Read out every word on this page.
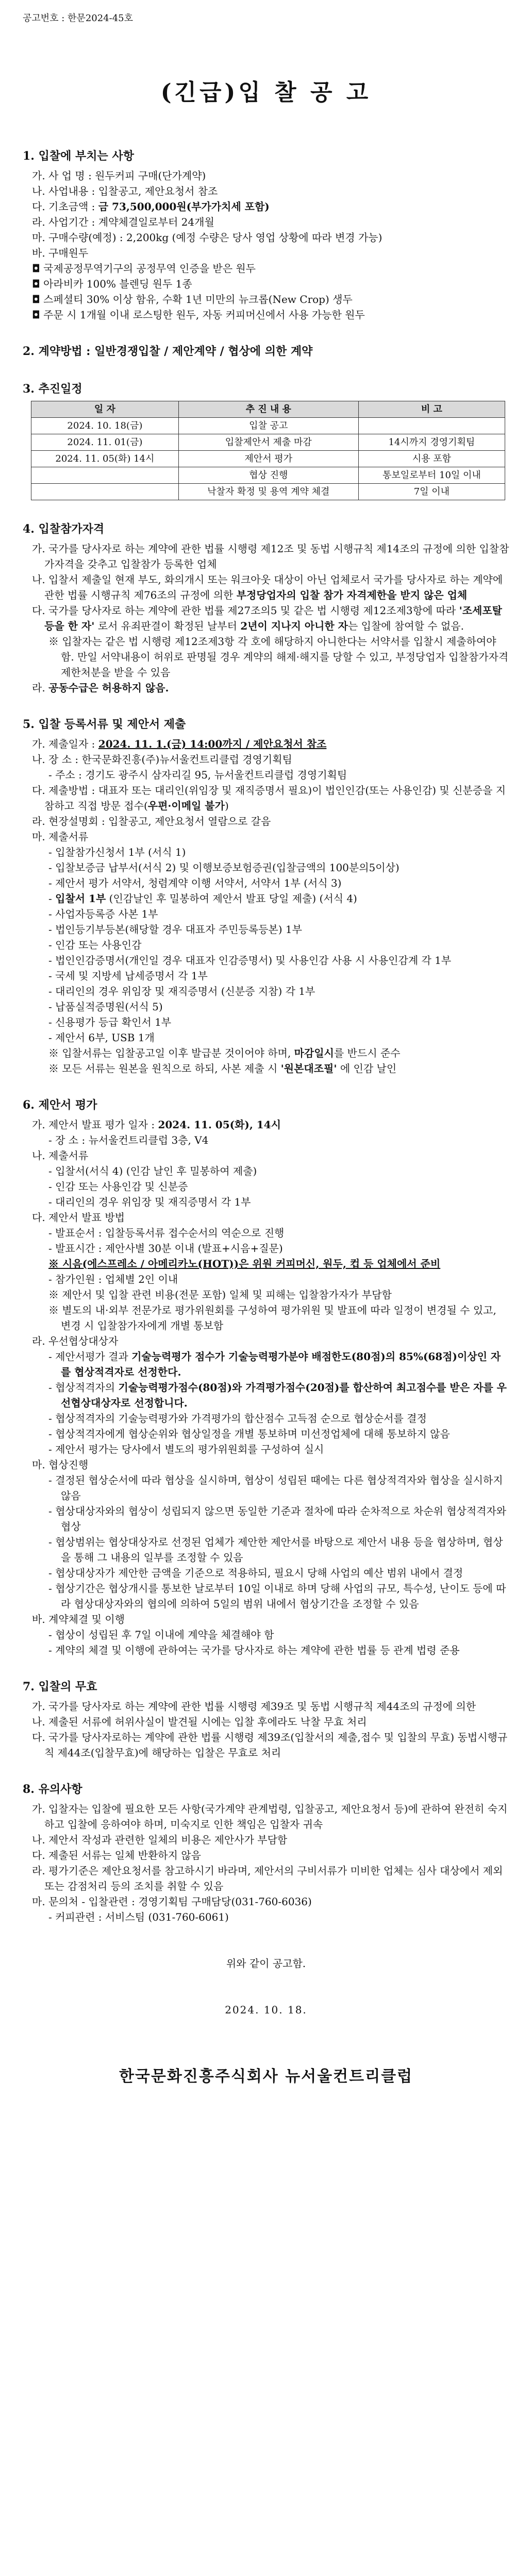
공고번호 : 한문2024-45호
(긴급)입 찰 공 고
1. 입찰에 부치는 사항
가. 사 업 명 : 원두커피 구매(단가계약)
나. 사업내용 : 입찰공고, 제안요청서 참조
다. 기초금액 : 금 73,500,000원(부가가치세 포함)
라. 사업기간 : 계약체결일로부터 24개월
마. 구매수량(예정) : 2,200kg (예정 수량은 당사 영업 상황에 따라 변경 가능)
바. 구매원두
◘ 국제공정무역기구의 공정무역 인증을 받은 원두
◘ 아라비카 100% 블렌딩 원두 1종
◘ 스페셜티 30% 이상 함유, 수확 1년 미만의 뉴크롭(New Crop) 생두
◘ 주문 시 1개월 이내 로스팅한 원두, 자동 커피머신에서 사용 가능한 원두
2. 계약방법 : 일반경쟁입찰 / 제안계약 / 협상에 의한 계약
3. 추진일정
일 자	추 진 내 용	비 고
2024. 10. 18(금)	입찰 공고	
2024. 11. 01(금)	입찰제안서 제출 마감	14시까지 경영기획팀
2024. 11. 05(화) 14시	제안서 평가	시용 포함
	협상 진행	통보일로부터 10일 이내
	낙찰자 확정 및 용역 계약 체결	7일 이내
4. 입찰참가자격
가. 국가를 당사자로 하는 계약에 관한 법률 시행령 제12조 및 동법 시행규칙 제14조의 규정에 의한 입찰참가자격을 갖추고 입찰참가 등록한 업체
나. 입찰서 제출일 현재 부도, 화의개시 또는 워크아웃 대상이 아닌 업체로서 국가를 당사자로 하는 계약에 관한 법률 시행규칙 제76조의 규정에 의한 부정당업자의 입찰 참가 자격제한을 받지 않은 업체
다. 국가를 당사자로 하는 계약에 관한 법률 제27조의5 및 같은 법 시행령 제12조제3항에 따라 '조세포탈 등을 한 자' 로서 유죄판결이 확정된 날부터 2년이 지나지 아니한 자는 입찰에 참여할 수 없음.
※ 입찰자는 같은 법 시행령 제12조제3항 각 호에 해당하지 아니한다는 서약서를 입찰시 제출하여야 함. 만일 서약내용이 허위로 판명될 경우 계약의 해제·해지를 당할 수 있고, 부정당업자 입찰참가자격제한처분을 받을 수 있음
라. 공동수급은 허용하지 않음.
5. 입찰 등록서류 및 제안서 제출
가. 제출일자 : 2024. 11. 1.(금) 14:00까지 / 제안요청서 참조
나. 장 소 : 한국문화진흥(주)뉴서울컨트리클럽 경영기획팀
- 주소 : 경기도 광주시 삼자리길 95, 뉴서울컨트리클럽 경영기획팀
다. 제출방법 : 대표자 또는 대리인(위임장 및 재직증명서 필요)이 법인인감(또는 사용인감) 및 신분증을 지참하고 직접 방문 접수(우편·이메일 불가)
라. 현장설명회 : 입찰공고, 제안요청서 열람으로 갈음
마. 제출서류
- 입찰참가신청서 1부 (서식 1)
- 입찰보증금 납부서(서식 2) 및 이행보증보험증권(입찰금액의 100분의5이상)
- 제안서 평가 서약서, 청렴계약 이행 서약서, 서약서 1부 (서식 3)
- 입찰서 1부 (인감날인 후 밀봉하여 제안서 발표 당일 제출) (서식 4)
- 사업자등록증 사본 1부
- 법인등기부등본(해당할 경우 대표자 주민등록등본) 1부
- 인감 또는 사용인감
- 법인인감증명서(개인일 경우 대표자 인감증명서) 및 사용인감 사용 시 사용인감계 각 1부
- 국세 및 지방세 납세증명서 각 1부
- 대리인의 경우 위임장 및 재직증명서 (신분증 지참) 각 1부
- 납품실적증명원(서식 5)
- 신용평가 등급 확인서 1부
- 제안서 6부, USB 1개
※ 입찰서류는 입찰공고일 이후 발급분 것이어야 하며, 마감일시를 반드시 준수
※ 모든 서류는 원본을 원칙으로 하되, 사본 제출 시 '원본대조필' 에 인감 날인
6. 제안서 평가
가. 제안서 발표 평가 일자 : 2024. 11. 05(화), 14시
- 장 소 : 뉴서울컨트리클럽 3층, V4
나. 제출서류
- 입찰서(서식 4) (인감 날인 후 밀봉하여 제출)
- 인감 또는 사용인감 및 신분증
- 대리인의 경우 위임장 및 재직증명서 각 1부
다. 제안서 발표 방법
- 발표순서 : 입찰등록서류 접수순서의 역순으로 진행
- 발표시간 : 제안사별 30분 이내 (발표+시음+질문)
※ 시음(에스프레소 / 아메리카노(HOT))은 위원 커피머신, 원두, 컵 등 업체에서 준비
- 참가인원 : 업체별 2인 이내
※ 제안서 및 입찰 관련 비용(전문 포함) 일체 및 피해는 입찰참가자가 부담함
※ 별도의 내·외부 전문가로 평가위원회를 구성하여 평가위원 및 발표에 따라 일정이 변경될 수 있고, 변경 시 입찰참가자에게 개별 통보함
라. 우선협상대상자
- 제안서평가 결과 기술능력평가 점수가 기술능력평가분야 배점한도(80점)의 85%(68점)이상인 자를 협상적격자로 선정한다.
- 협상적격자의 기술능력평가점수(80점)와 가격평가점수(20점)를 합산하여 최고점수를 받은 자를 우선협상대상자로 선정합니다.
- 협상적격자의 기술능력평가와 가격평가의 합산점수 고득점 순으로 협상순서를 결정
- 협상적격자에게 협상순위와 협상일정을 개별 통보하며 미선정업체에 대해 통보하지 않음
- 제안서 평가는 당사에서 별도의 평가위원회를 구성하여 실시
마. 협상진행
- 결정된 협상순서에 따라 협상을 실시하며, 협상이 성립된 때에는 다른 협상적격자와 협상을 실시하지 않음
- 협상대상자와의 협상이 성립되지 않으면 동일한 기준과 절차에 따라 순차적으로 차순위 협상적격자와 협상
- 협상범위는 협상대상자로 선정된 업체가 제안한 제안서를 바탕으로 제안서 내용 등을 협상하며, 협상을 통해 그 내용의 일부를 조정할 수 있음
- 협상대상자가 제안한 금액을 기준으로 적용하되, 필요시 당해 사업의 예산 범위 내에서 결정
- 협상기간은 협상개시를 통보한 날로부터 10일 이내로 하며 당해 사업의 규모, 특수성, 난이도 등에 따라 협상대상자와의 협의에 의하여 5일의 범위 내에서 협상기간을 조정할 수 있음
바. 계약체결 및 이행
- 협상이 성립된 후 7일 이내에 계약을 체결해야 함
- 계약의 체결 및 이행에 관하여는 국가를 당사자로 하는 계약에 관한 법률 등 관계 법령 준용
7. 입찰의 무효
가. 국가를 당사자로 하는 계약에 관한 법률 시행령 제39조 및 동법 시행규칙 제44조의 규정에 의한
나. 제출된 서류에 허위사실이 발견될 시에는 입찰 후에라도 낙찰 무효 처리
다. 국가를 당사자로하는 계약에 관한 법률 시행령 제39조(입찰서의 제출,접수 및 입찰의 무효) 동법시행규칙 제44조(입찰무효)에 해당하는 입찰은 무효로 처리
8. 유의사항
가. 입찰자는 입찰에 필요한 모든 사항(국가계약 관계법령, 입찰공고, 제안요청서 등)에 관하여 완전히 숙지하고 입찰에 응하여야 하며, 미숙지로 인한 책임은 입찰자 귀속
나. 제안서 작성과 관련한 일체의 비용은 제안사가 부담함
다. 제출된 서류는 일체 반환하지 않음
라. 평가기준은 제안요청서를 참고하시기 바라며, 제안서의 구비서류가 미비한 업체는 심사 대상에서 제외 또는 감점처리 등의 조치를 취할 수 있음
마. 문의처 - 입찰관련 : 경영기획팀 구매담당(031-760-6036)
- 커피관련 : 서비스팀 (031-760-6061)
위와 같이 공고함.
2024. 10. 18.
한국문화진흥주식회사 뉴서울컨트리클럽
